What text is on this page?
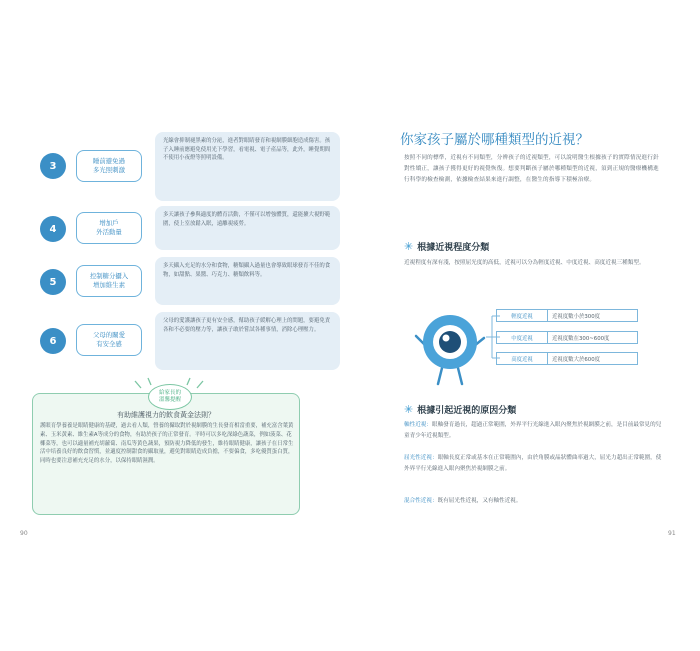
3	睡前避免過
多光照刺激
光線會抑制褪黑素的分泌，進者對眼睛發育和視網膜細胞造成傷害。孩子入睡前應避免使用光下學習，看電視、電子產品等，此外，睡覺期間不使用小夜燈等照明設備。
4
增加戶
外活動量
多天讓孩子參與適度的體育活動，不僅可以增強體質，還能擴大視野範圍，使上室放鬆入眠，遠離視疲勞。
5
控制糖分攝入
增加維生素
多天攝入充足的水分和食物，糖類攝入過量也會導致眼球發育不佳的食物，如甜點、果醬、巧克力、糖類飲料等。
6
父母的關愛
有安全感
父母的愛護讓孩子更有安全感，幫助孩子緩解心理上的問題，要避免責各和不必要的壓力等，讓孩子敢於嘗試各種事情，消除心理壓力。
給家長的
溫馨提醒
有助維護視力的飲食黃金法則？
護眼育學養養是眼睛健康的基礎，過去看人類，營養的攝取對於視網膜的生長發育相當重要，補充富含葉黃素、玉米黃素、維生素A等成分的食物，有助於孩子的正常發育。平時可以多吃深綠色蔬菜，例如菠菜、花椰菜等，也可以適量補充胡蘿蔔、南瓜等黃色蔬果，預防視力降低的發生，維持眼睛健康，讓孩子在日常生活中培養良好的飲食習慣，並適度控制甜食的攝取量，避免對眼睛造成負擔，不要偏食，多吃優質蛋白質，同時也要注意補充充足的水分，以保持眼睛濕潤。
90
你家孩子屬於哪種類型的近視？
按照不同的標準，近視有不同類型，分辨孩子的近視類型，可以說明醫生根據孩子的實際情況進行針對性矯正，讓孩子獲得更好的視覺恢復。想要判斷孩子屬於哪種類型的近視，須到正規的醫療機構進行科學的檢查檢測，依據檢查結果來進行調整，在醫生的指導下積極治療。
✳ 根據近視程度分類
近視程度有深有淺，按照屈光度的高低，近視可以分為輕度近視、中度近視、高度近視三種類型。
輕度近視	近視度數小於300度
中度近視	近視度數在300~600度
高度近視	近視度數大於600度
✳ 根據引起近視的原因分類
軸性近視：眼軸發育過長，超過正常範圍，外界平行光線進入眼內聚焦於視網膜之前，是目前最常見的兒童青少年近視類型。
屈光性近視：眼軸長度正常或基本在正常範圍內，由於角膜或晶狀體曲率過大，屈光力超出正常範圍，使外界平行光線進入眼內聚焦於視網膜之前。
混合性近視：既有屈光性近視，又有軸性近視。
91
